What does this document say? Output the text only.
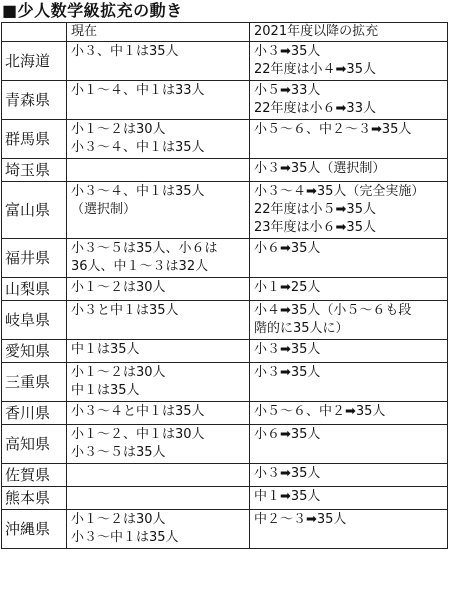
■少人数学級拡充の動き
	現在	2021年度以降の拡充
北海道	小３、中１は35人	小３➡35人
22年度は小４➡35人

青森県	小１～４、中１は33人	小５➡33人
22年度は小６➡33人

群馬県	小１～２は30人
小３～４、中１は35人	小５～６、中２～３➡35人

埼玉県		小３➡35人（選択制）

富山県	小３～４、中１は35人
（選択制）	小３～４➡35人（完全実施）
22年度は小５➡35人
23年度は小６➡35人

福井県	小３～５は35人、小６は
36人、中１～３は32人	小６➡35人

山梨県	小１～２は30人	小１➡25人

岐阜県	小３と中１は35人	小４➡35人（小５～６も段
階的に35人に）

愛知県	中１は35人	小３➡35人

三重県	小１～２は30人
中１は35人	小３➡35人

香川県	小３～４と中１は35人	小５～６、中２➡35人

高知県	小１～２、中１は30人
小３～５は35人	小６➡35人

佐賀県		小３➡35人

熊本県		中１➡35人

沖縄県	小１～２は30人
小３～中１は35人	中２～３➡35人
